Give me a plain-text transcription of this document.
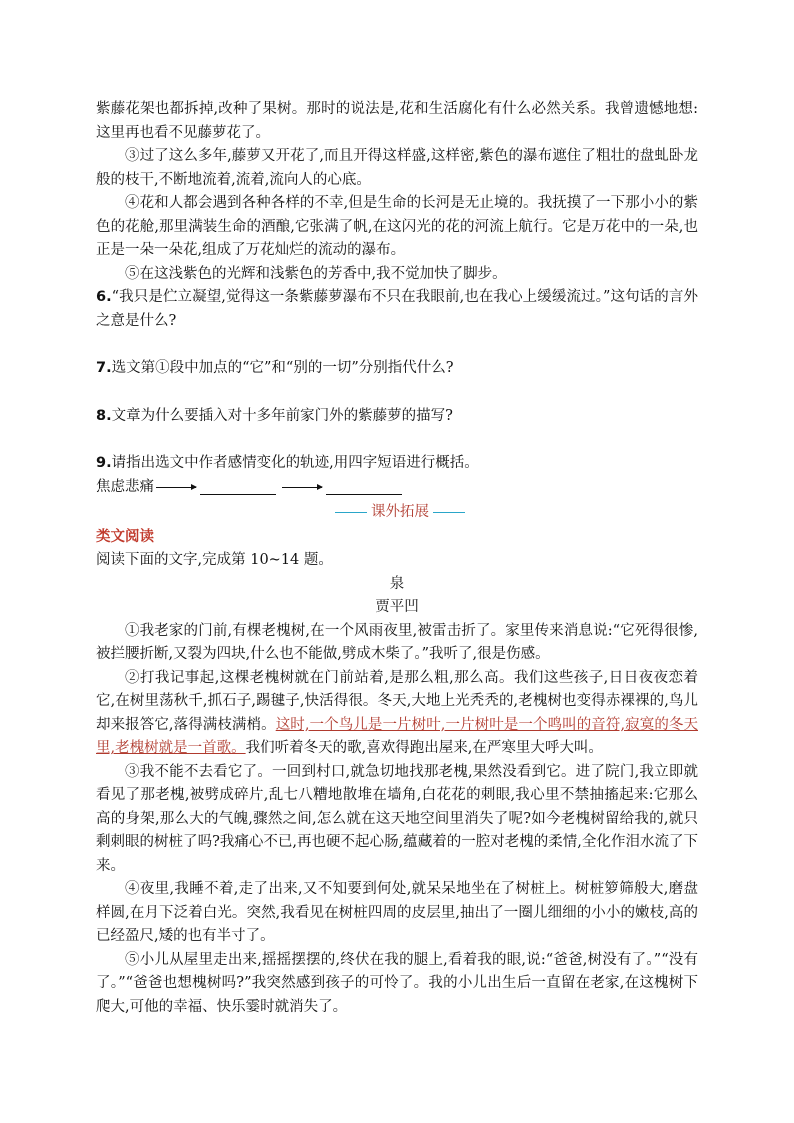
紫藤花架也都拆掉,改种了果树。那时的说法是,花和生活腐化有什么必然关系。我曾遗憾地想:这里再也看不见藤萝花了。

③过了这么多年,藤萝又开花了,而且开得这样盛,这样密,紫色的瀑布遮住了粗壮的盘虬卧龙般的枝干,不断地流着,流着,流向人的心底。

④花和人都会遇到各种各样的不幸,但是生命的长河是无止境的。我抚摸了一下那小小的紫色的花舱,那里满装生命的酒酿,它张满了帆,在这闪光的花的河流上航行。它是万花中的一朵,也正是一朵一朵花,组成了万花灿烂的流动的瀑布。

⑤在这浅紫色的光辉和浅紫色的芳香中,我不觉加快了脚步。

6.“我只是伫立凝望,觉得这一条紫藤萝瀑布不只在我眼前,也在我心上缓缓流过。”这句话的言外之意是什么?

7.选文第①段中加点的“它”和“别的一切”分别指代什么?

8.文章为什么要插入对十多年前家门外的紫藤萝的描写?

9.请指出选文中作者感情变化的轨迹,用四字短语进行概括。

焦虑悲痛
课外拓展

类文阅读

阅读下面的文字,完成第 10~14 题。

泉

贾平凹

①我老家的门前,有棵老槐树,在一个风雨夜里,被雷击折了。家里传来消息说:“它死得很惨,被拦腰折断,又裂为四块,什么也不能做,劈成木柴了。”我听了,很是伤感。

②打我记事起,这棵老槐树就在门前站着,是那么粗,那么高。我们这些孩子,日日夜夜恋着它,在树里荡秋千,抓石子,踢毽子,快活得很。冬天,大地上光秃秃的,老槐树也变得赤裸裸的,鸟儿却来报答它,落得满枝满梢。这时,一个鸟儿是一片树叶,一片树叶是一个鸣叫的音符,寂寞的冬天里,老槐树就是一首歌。我们听着冬天的歌,喜欢得跑出屋来,在严寒里大呼大叫。

③我不能不去看它了。一回到村口,就急切地找那老槐,果然没看到它。进了院门,我立即就看见了那老槐,被劈成碎片,乱七八糟地散堆在墙角,白花花的刺眼,我心里不禁抽搐起来:它那么高的身架,那么大的气魄,骤然之间,怎么就在这天地空间里消失了呢?如今老槐树留给我的,就只剩刺眼的树桩了吗?我痛心不已,再也硬不起心肠,蕴藏着的一腔对老槐的柔情,全化作泪水流了下来。

④夜里,我睡不着,走了出来,又不知要到何处,就呆呆地坐在了树桩上。树桩箩筛般大,磨盘样圆,在月下泛着白光。突然,我看见在树桩四周的皮层里,抽出了一圈儿细细的小小的嫩枝,高的已经盈尺,矮的也有半寸了。

⑤小儿从屋里走出来,摇摇摆摆的,终伏在我的腿上,看着我的眼,说:“爸爸,树没有了。”“没有了。”“爸爸也想槐树吗?”我突然感到孩子的可怜了。我的小儿出生后一直留在老家,在这槐树下爬大,可他的幸福、快乐霎时就消失了。
